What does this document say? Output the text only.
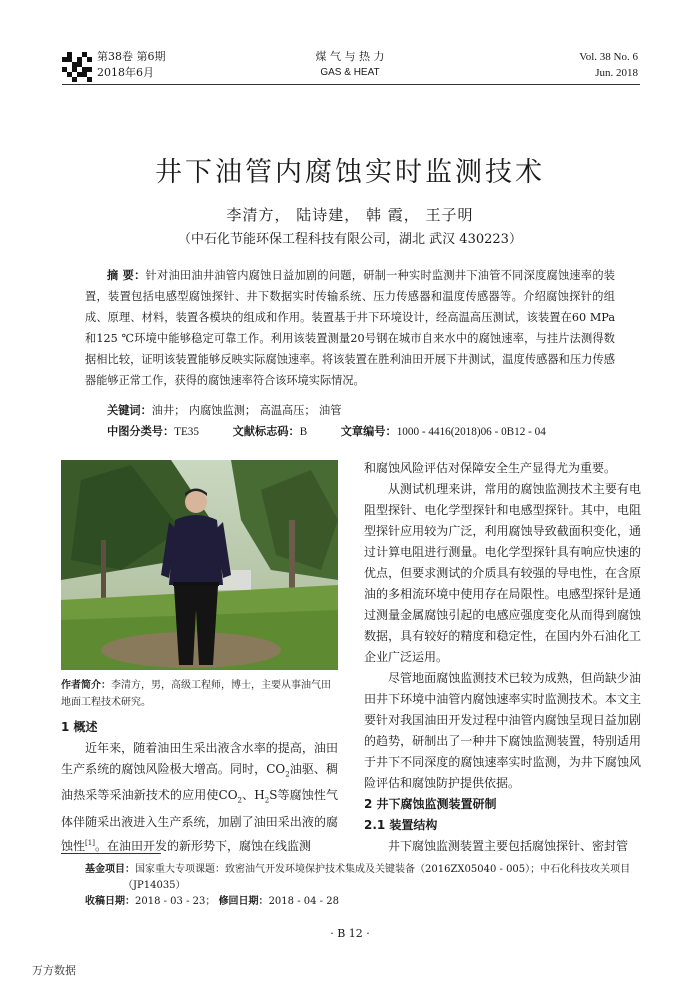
第38卷 第6期
2018年6月
煤 气 与 热 力
GAS & HEAT
Vol. 38 No. 6
Jun. 2018
井下油管内腐蚀实时监测技术
李清方， 陆诗建， 韩 霞， 王子明
（中石化节能环保工程科技有限公司，湖北 武汉 430223）
摘 要：针对油田油井油管内腐蚀日益加剧的问题，研制一种实时监测井下油管不同深度腐蚀速率的装置，装置包括电感型腐蚀探针、井下数据实时传输系统、压力传感器和温度传感器等。介绍腐蚀探针的组成、原理、材料，装置各模块的组成和作用。装置基于井下环境设计，经高温高压测试，该装置在60 MPa和125 ℃环境中能够稳定可靠工作。利用该装置测量20号钢在城市自来水中的腐蚀速率，与挂片法测得数据相比较，证明该装置能够反映实际腐蚀速率。将该装置在胜利油田开展下井测试，温度传感器和压力传感器能够正常工作，获得的腐蚀速率符合该环境实际情况。
关键词：油井； 内腐蚀监测； 高温高压； 油管
中图分类号：TE35	文献标志码：B	文章编号：1000 - 4416(2018)06 - 0B12 - 04
作者简介：李清方，男，高级工程师，博士，主要从事油气田地面工程技术研究。

1 概述

近年来，随着油田生采出液含水率的提高，油田生产系统的腐蚀风险极大增高。同时，$CO_2$油驱、稠油热采等采油新技术的应用使$CO_2$、$H_2S$等腐蚀性气体伴随采出液进入生产系统，加剧了油田采出液的腐蚀性[1]。在油田开发的新形势下，腐蚀在线监测

和腐蚀风险评估对保障安全生产显得尤为重要。

从测试机理来讲，常用的腐蚀监测技术主要有电阻型探针、电化学型探针和电感型探针。其中，电阻型探针应用较为广泛，利用腐蚀导致截面积变化，通过计算电阻进行测量。电化学型探针具有响应快速的优点，但要求测试的介质具有较强的导电性，在含原油的多相流环境中使用存在局限性。电感型探针是通过测量金属腐蚀引起的电感应强度变化从而得到腐蚀数据，具有较好的精度和稳定性，在国内外石油化工企业广泛运用。

尽管地面腐蚀监测技术已较为成熟，但尚缺少油田井下环境中油管内腐蚀速率实时监测技术。本文主要针对我国油田开发过程中油管内腐蚀呈现日益加剧的趋势，研制出了一种井下腐蚀监测装置，特别适用于井下不同深度的腐蚀速率实时监测，为井下腐蚀风险评估和腐蚀防护提供依据。

2 井下腐蚀监测装置研制

2.1 装置结构

井下腐蚀监测装置主要包括腐蚀探针、密封管

基金项目：国家重大专项课题：致密油气开发环境保护技术集成及关键装备（2016ZX05040 - 005）；中石化科技攻关项目
（JP14035）
收稿日期：2018 - 03 - 23； 修回日期：2018 - 04 - 28
· B 12 ·
万方数据
